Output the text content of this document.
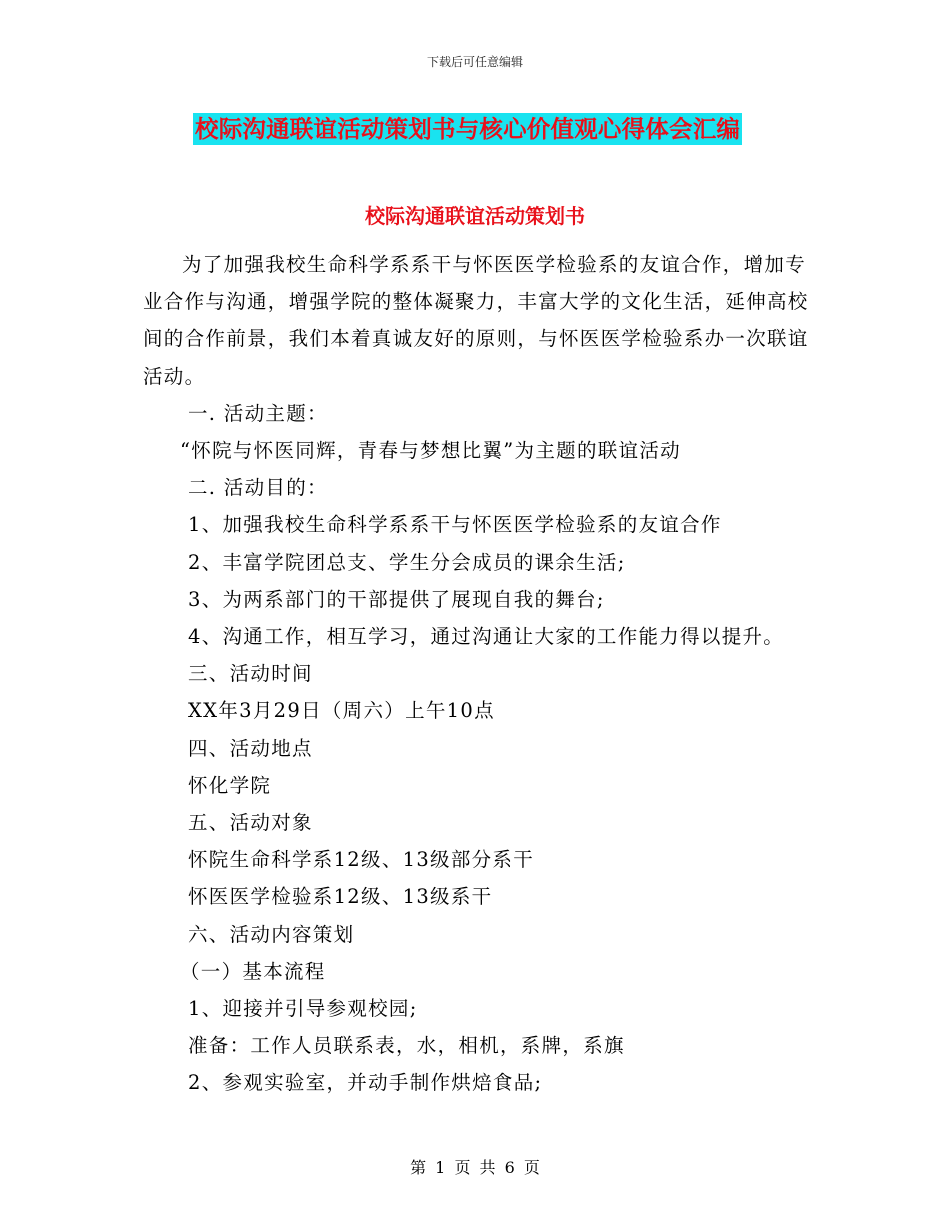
下载后可任意编辑
校际沟通联谊活动策划书与核心价值观心得体会汇编
校际沟通联谊活动策划书

为了加强我校生命科学系系干与怀医医学检验系的友谊合作，增加专业合作与沟通，增强学院的整体凝聚力，丰富大学的文化生活，延伸高校间的合作前景，我们本着真诚友好的原则，与怀医医学检验系办一次联谊活动。

一. 活动主题：

“怀院与怀医同辉，青春与梦想比翼”为主题的联谊活动

二. 活动目的：

1、加强我校生命科学系系干与怀医医学检验系的友谊合作

2、丰富学院团总支、学生分会成员的课余生活;

3、为两系部门的干部提供了展现自我的舞台;

4、沟通工作，相互学习，通过沟通让大家的工作能力得以提升。

三、活动时间

XX年3月29日（周六）上午10点

四、活动地点

怀化学院

五、活动对象

怀院生命科学系12级、13级部分系干

怀医医学检验系12级、13级系干

六、活动内容策划

（一）基本流程

1、迎接并引导参观校园;

准备：工作人员联系表，水，相机，系牌，系旗

2、参观实验室，并动手制作烘焙食品;

第 1 页 共 6 页
